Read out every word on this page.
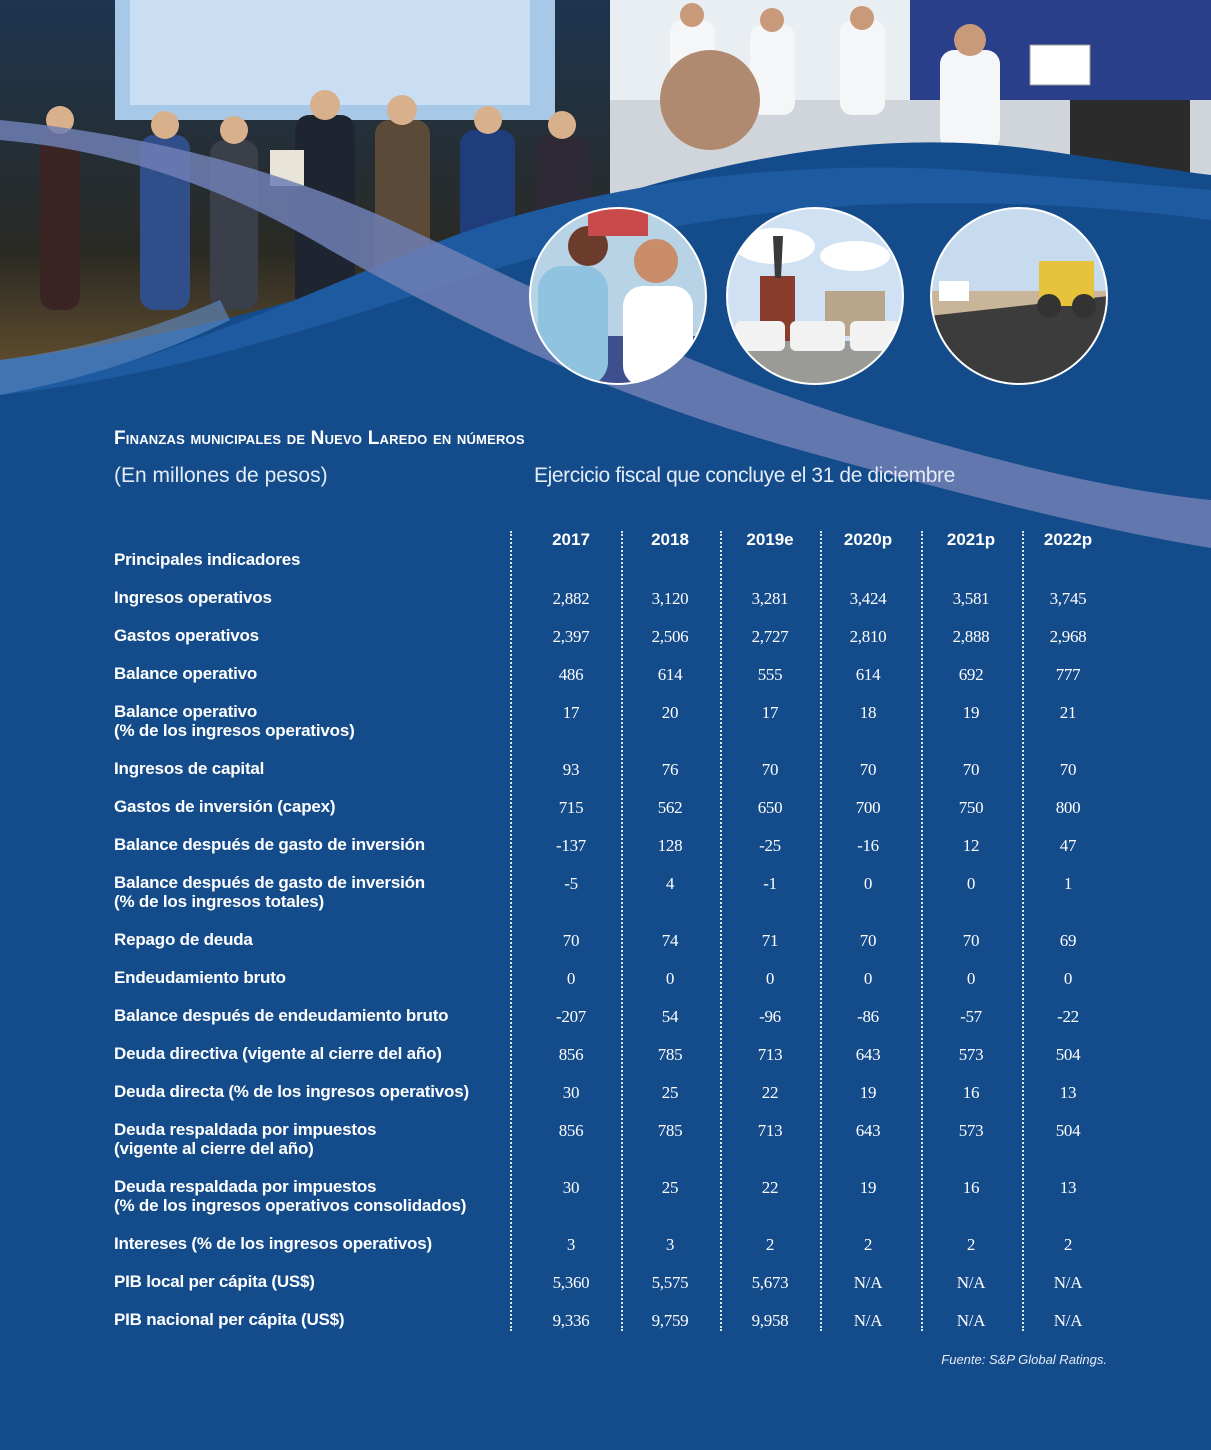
Finanzas municipales de Nuevo Laredo en números
(En millones de pesos)	Ejercicio fiscal que concluye el 31 de diciembre
Principales indicadores
2017	2018	2019e	2020p	2021p	2022p
Ingresos operativos	2,882	3,120	3,281	3,424	3,581	3,745
Gastos operativos	2,397	2,506	2,727	2,810	2,888	2,968
Balance operativo	486	614	555	614	692	777
Balance operativo
(% de los ingresos operativos)
17	20	17	18	19	21
Ingresos de capital	93	76	70	70	70	70
Gastos de inversión (capex)	715	562	650	700	750	800
Balance después de gasto de inversión	-137	128	-25	-16	12	47
Balance después de gasto de inversión
(% de los ingresos totales)
-5	4	-1	0	0	1
Repago de deuda	70	74	71	70	70	69
Endeudamiento bruto	0	0	0	0	0	0
Balance después de endeudamiento bruto	-207	54	-96	-86	-57	-22
Deuda directiva (vigente al cierre del año)	856	785	713	643	573	504
Deuda directa (% de los ingresos operativos)	30	25	22	19	16	13
Deuda respaldada por impuestos
(vigente al cierre del año)
856	785	713	643	573	504
Deuda respaldada por impuestos
(% de los ingresos operativos consolidados)
30	25	22	19	16	13
Intereses (% de los ingresos operativos)	3	3	2	2	2	2
PIB local per cápita (US$)	5,360	5,575	5,673	N/A	N/A	N/A
PIB nacional per cápita (US$)	9,336	9,759	9,958	N/A	N/A	N/A
Fuente: S&P Global Ratings.
